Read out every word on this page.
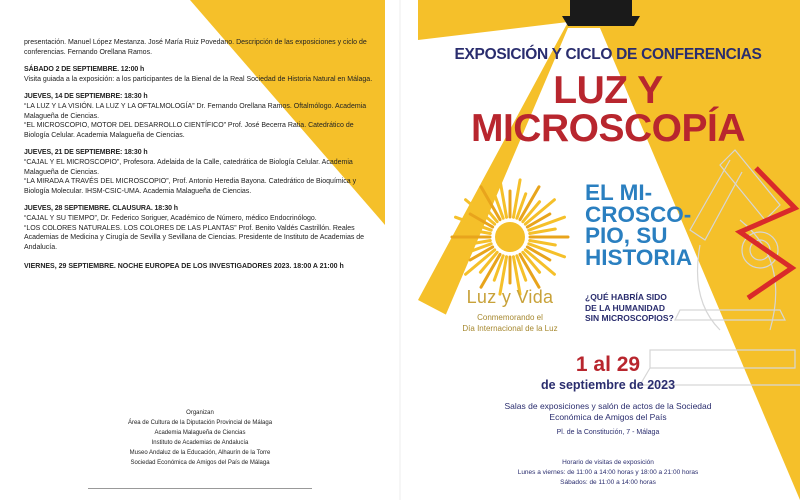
presentación. Manuel López Mestanza. José María Ruiz Povedano. Descripción de las exposiciones y ciclo de conferencias. Fernando Orellana Ramos.

SÁBADO 2 DE SEPTIEMBRE. 12:00 h

Visita guiada a la exposición: a los participantes de la Bienal de la Real Sociedad de Historia Natural en Málaga.

JUEVES, 14 DE SEPTIEMBRE: 18:30 h

“LA LUZ Y LA VISIÓN. LA LUZ Y LA OFTALMOLOGÍA” Dr. Fernando Orellana Ramos. Oftalmólogo. Academia Malagueña de Ciencias.

“EL MICROSCOPIO, MOTOR DEL DESARROLLO CIENTÍFICO” Prof. José Becerra Ratia. Catedrático de Biología Celular. Academia Malagueña de Ciencias.

JUEVES, 21 DE SEPTIEMBRE: 18:30 h

“CAJAL Y EL MICROSCOPIO”, Profesora. Adelaida de la Calle, catedrática de Biología Celular. Academia Malagueña de Ciencias.

“LA MIRADA A TRAVÉS DEL MICROSCOPIO”, Prof. Antonio Heredia Bayona. Catedrático de Bioquímica y Biología Molecular. IHSM-CSIC-UMA. Academia Malagueña de Ciencias.

JUEVES, 28 SEPTIEMBRE. CLAUSURA. 18:30 h

“CAJAL Y SU TIEMPO”, Dr. Federico Soriguer, Académico de Número, médico Endocrinólogo.

“LOS COLORES NATURALES. LOS COLORES DE LAS PLANTAS” Prof. Benito Valdés Castrillón. Reales Academias de Medicina y Cirugía de Sevilla y Sevillana de Ciencias. Presidente de Instituto de Academias de Andalucía.

VIERNES, 29 SEPTIEMBRE. NOCHE EUROPEA DE LOS INVESTIGADORES 2023. 18:00 A 21:00 h

Organizan

Área de Cultura de la Diputación Provincial de Málaga

Academia Malagueña de Ciencias

Instituto de Academias de Andalucía

Museo Andaluz de la Educación, Alhaurín de la Torre

Sociedad Económica de Amigos del País de Málaga

EXPOSICIÓN Y CICLO DE CONFERENCIAS
LUZ Y
MICROSCOPÍA
Luz y Vida
Conmemorando el
Día Internacional de la Luz
EL MI-
CROSCO-
PIO, SU
HISTORIA
¿QUÉ HABRÍA SIDO
DE LA HUMANIDAD
SIN MICROSCOPIOS?
1 al 29
de septiembre de 2023
Salas de exposiciones y salón de actos de la Sociedad
Económica de Amigos del País
Pl. de la Constitución, 7 - Málaga
Horario de visitas de exposición
Lunes a viernes: de 11:00 a 14:00 horas y 18:00 a 21:00 horas
Sábados: de 11:00 a 14:00 horas
